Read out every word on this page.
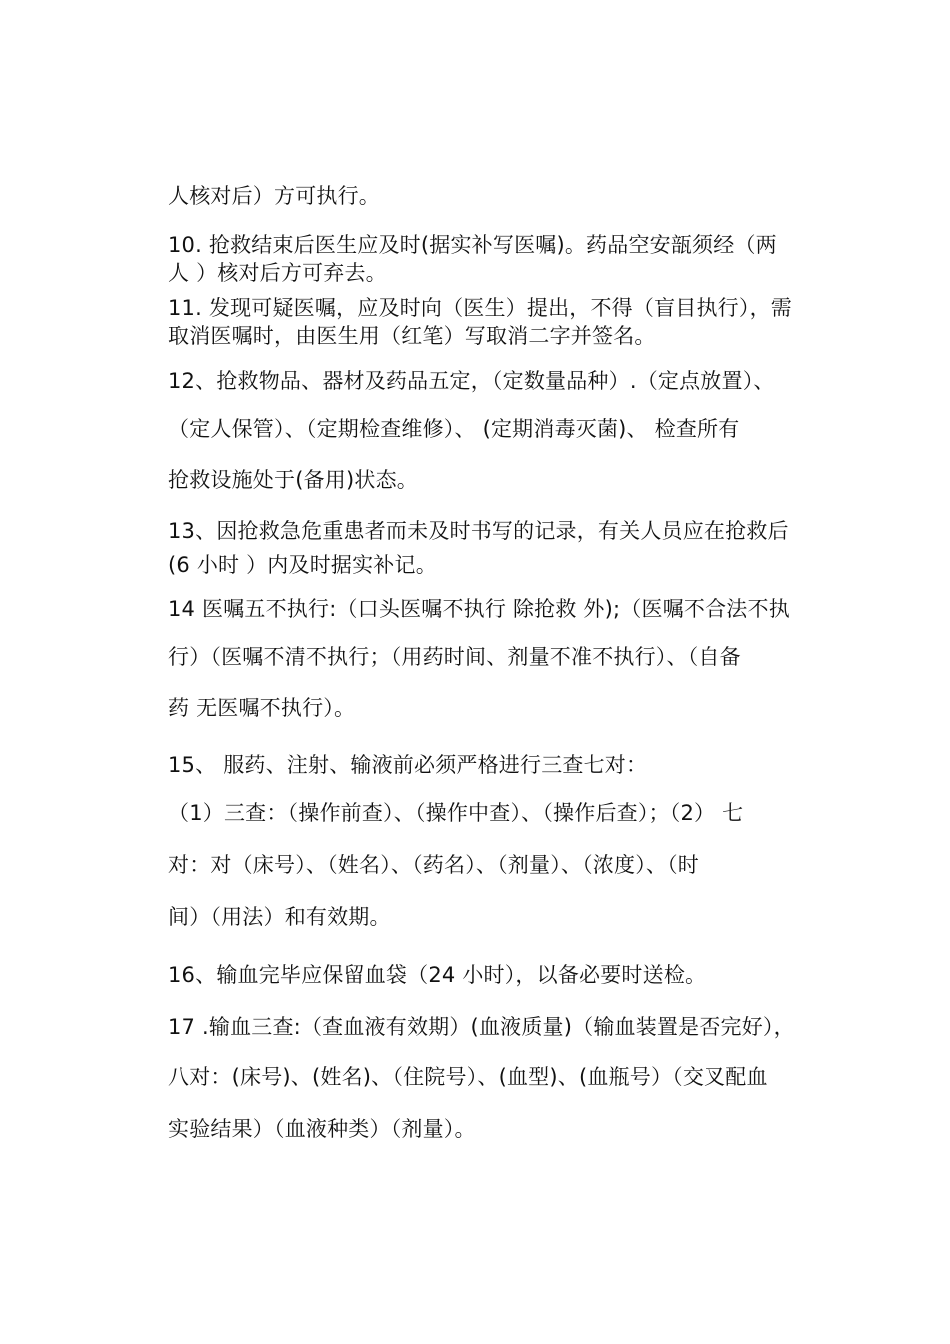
人核对后）方可执行。
10. 抢救结束后医生应及时(据实补写医嘱)。药品空安瓿须经（两
人 ）核对后方可弃去。
11. 发现可疑医嘱，应及时向（医生）提出，不得（盲目执行），需
取消医嘱时，由医生用（红笔）写取消二字并签名。
12、抢救物品、器材及药品五定，（定数量品种）.（定点放置）、
（定人保管）、（定期检查维修）、 (定期消毒灭菌)、 检查所有
抢救设施处于(备用)状态。
13、因抢救急危重患者而未及时书写的记录，有关人员应在抢救后
(6 小时 ）内及时据实补记。
14 医嘱五不执行:（口头医嘱不执行 除抢救 外);（医嘱不合法不执
行）（医嘱不清不执行；（用药时间、剂量不准不执行）、（自备
药 无医嘱不执行）。
15、 服药、注射、输液前必须严格进行三查七对：
（1）三查：（操作前查）、（操作中查）、（操作后查）；（2） 七
对：对（床号）、（姓名）、（药名）、（剂量）、（浓度）、（时
间）（用法）和有效期。
16、输血完毕应保留血袋（24 小时），以备必要时送检。
17 .输血三查:（查血液有效期）(血液质量)（输血装置是否完好），
八对：(床号)、(姓名)、（住院号）、(血型)、(血瓶号）（交叉配血
实验结果）（血液种类）（剂量）。
